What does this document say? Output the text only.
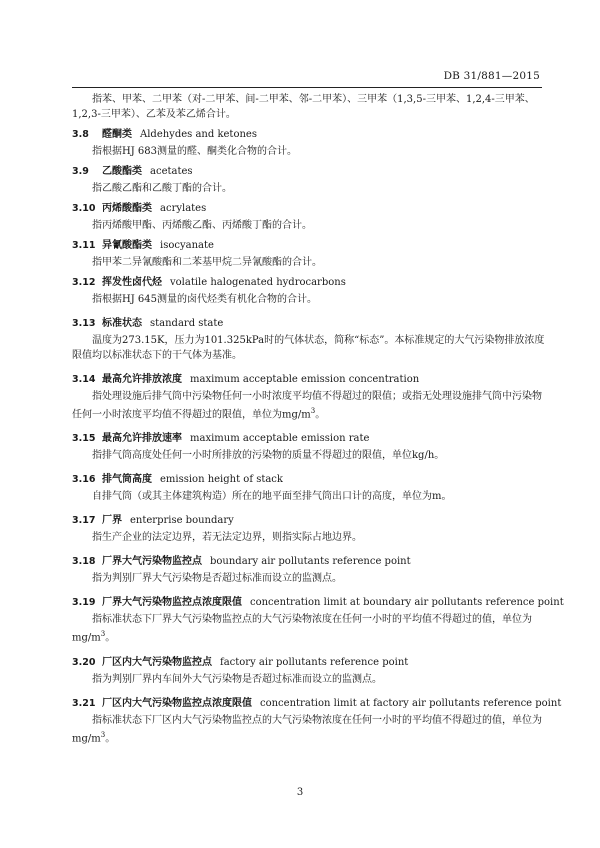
DB 31/881—2015

指苯、甲苯、二甲苯（对-二甲苯、间-二甲苯、邻-二甲苯）、三甲苯（1,3,5-三甲苯、1,2,4-三甲苯、1,2,3-三甲苯）、乙苯及苯乙烯合计。

3.8 醛酮类 Aldehydes and ketones

指根据HJ 683测量的醛、酮类化合物的合计。

3.9 乙酸酯类 acetates

指乙酸乙酯和乙酸丁酯的合计。

3.10 丙烯酸酯类 acrylates

指丙烯酸甲酯、丙烯酸乙酯、丙烯酸丁酯的合计。

3.11 异氰酸酯类 isocyanate

指甲苯二异氰酸酯和二苯基甲烷二异氰酸酯的合计。

3.12 挥发性卤代烃 volatile halogenated hydrocarbons

指根据HJ 645测量的卤代烃类有机化合物的合计。

3.13 标准状态 standard state

温度为273.15K，压力为101.325kPa时的气体状态，简称“标态”。本标准规定的大气污染物排放浓度限值均以标准状态下的干气体为基准。

3.14 最高允许排放浓度 maximum acceptable emission concentration

指处理设施后排气筒中污染物任何一小时浓度平均值不得超过的限值；或指无处理设施排气筒中污染物任何一小时浓度平均值不得超过的限值，单位为$mg/m^3$。

3.15 最高允许排放速率 maximum acceptable emission rate

指排气筒高度处任何一小时所排放的污染物的质量不得超过的限值，单位kg/h。

3.16 排气筒高度 emission height of stack

自排气筒（或其主体建筑构造）所在的地平面至排气筒出口计的高度，单位为m。

3.17 厂界 enterprise boundary

指生产企业的法定边界，若无法定边界，则指实际占地边界。

3.18 厂界大气污染物监控点 boundary air pollutants reference point

指为判别厂界大气污染物是否超过标准而设立的监测点。

3.19 厂界大气污染物监控点浓度限值 concentration limit at boundary air pollutants reference point

指标准状态下厂界大气污染物监控点的大气污染物浓度在任何一小时的平均值不得超过的值，单位为$mg/m^3$。

3.20 厂区内大气污染物监控点 factory air pollutants reference point

指为判别厂界内车间外大气污染物是否超过标准而设立的监测点。

3.21 厂区内大气污染物监控点浓度限值 concentration limit at factory air pollutants reference point

指标准状态下厂区内大气污染物监控点的大气污染物浓度在任何一小时的平均值不得超过的值，单位为$mg/m^3$。

3
